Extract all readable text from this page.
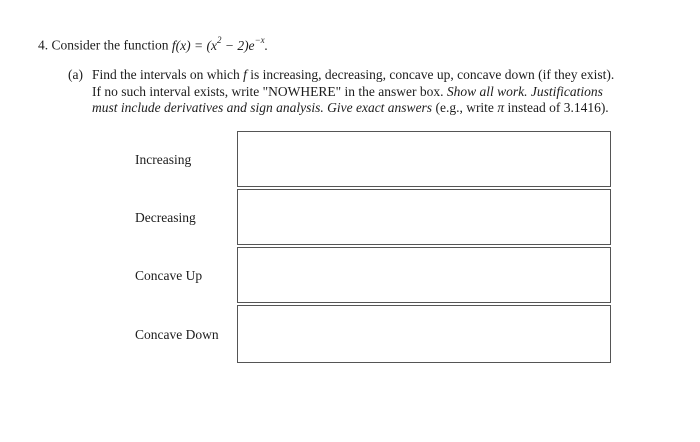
4. Consider the function $f(x) = (x^2 - 2)e^{-x}$.
(a) Find the intervals on which f is increasing, decreasing, concave up, concave down (if they exist).
If no such interval exists, write "NOWHERE" in the answer box. Show all work. Justifications
must include derivatives and sign analysis. Give exact answers (e.g., write π instead of 3.1416).
Increasing
Decreasing
Concave Up
Concave Down
